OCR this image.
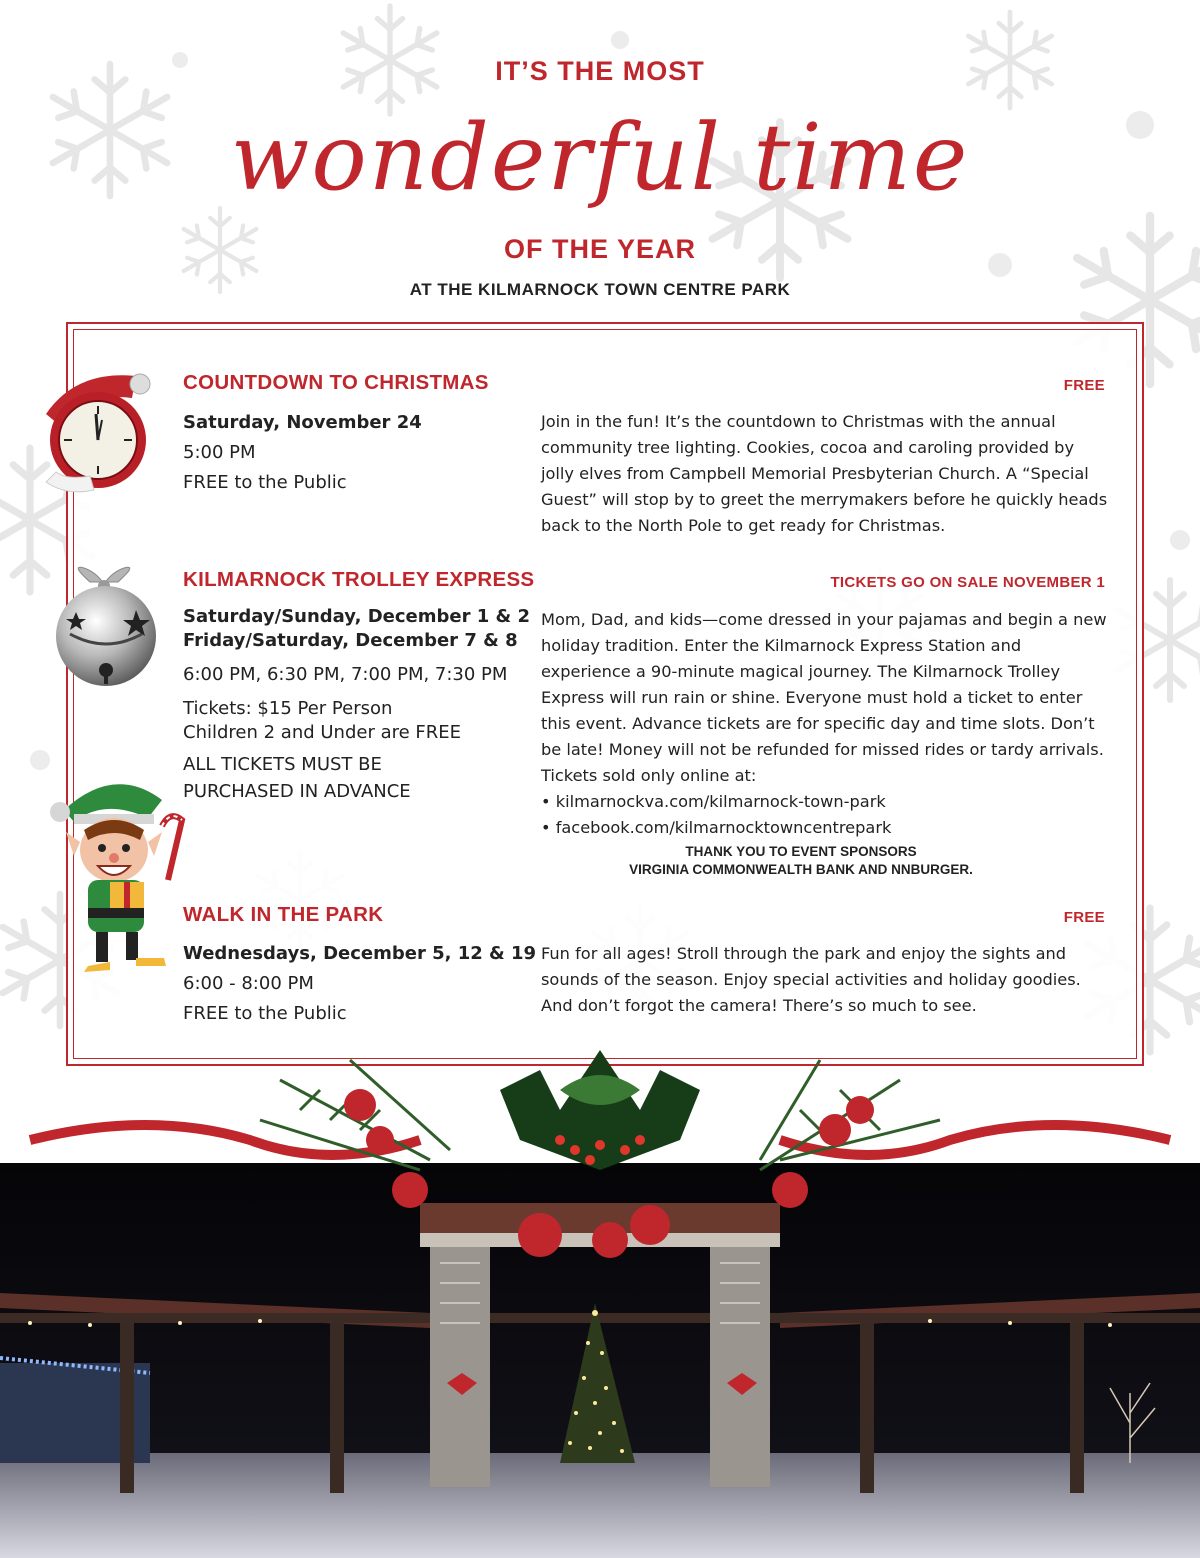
IT’S THE MOST
wonderful time
OF THE YEAR
AT THE KILMARNOCK TOWN CENTRE PARK
COUNTDOWN TO CHRISTMAS	FREE
Saturday, November 24
5:00 PM
FREE to the Public
Join in the fun! It’s the countdown to Christmas with the annual community tree lighting. Cookies, cocoa and caroling provided by jolly elves from Campbell Memorial Presbyterian Church. A “Special Guest” will stop by to greet the merrymakers before he quickly heads back to the North Pole to get ready for Christmas.
KILMARNOCK TROLLEY EXPRESS	TICKETS GO ON SALE NOVEMBER 1
Saturday/Sunday, December 1 & 2
Friday/Saturday, December 7 & 8
6:00 PM, 6:30 PM, 7:00 PM, 7:30 PM
Tickets: $15 Per Person
Children 2 and Under are FREE
ALL TICKETS MUST BE
PURCHASED IN ADVANCE
Mom, Dad, and kids—come dressed in your pajamas and begin a new holiday tradition. Enter the Kilmarnock Express Station and experience a 90-minute magical journey. The Kilmarnock Trolley Express will run rain or shine. Everyone must hold a ticket to enter this event. Advance tickets are for specific day and time slots. Don’t be late! Money will not be refunded for missed rides or tardy arrivals. Tickets sold only online at:
• kilmarnockva.com/kilmarnock-town-park
• facebook.com/kilmarnocktowncentrepark
THANK YOU TO EVENT SPONSORS
VIRGINIA COMMONWEALTH BANK AND NNBURGER.
WALK IN THE PARK	FREE
Wednesdays, December 5, 12 & 19
6:00 - 8:00 PM
FREE to the Public
Fun for all ages! Stroll through the park and enjoy the sights and sounds of the season. Enjoy special activities and holiday goodies. And don’t forgot the camera! There’s so much to see.
